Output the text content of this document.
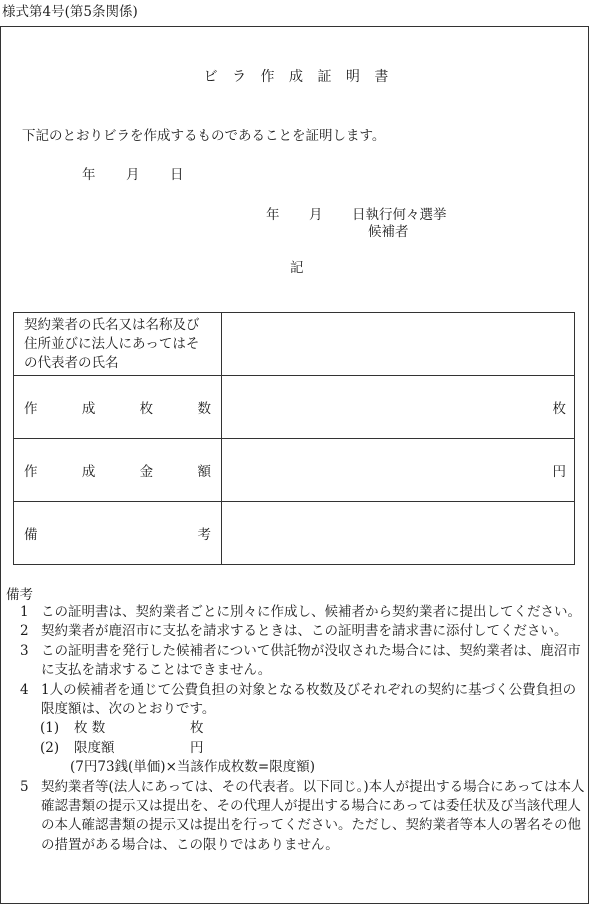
様式第4号(第5条関係)
ビ ラ 作 成 証 明 書
下記のとおりビラを作成するものであることを証明します。
年 月 日
年 月 日執行何々選挙
候補者
記
契約業者の氏名又は名称及び住所並びに法人にあってはその代表者の氏名	

作 成 枚 数	枚

作 成 金 額	円

備 考	

備考
1 この証明書は、契約業者ごとに別々に作成し、候補者から契約業者に提出してください。
2 契約業者が鹿沼市に支払を請求するときは、この証明書を請求書に添付してください。
3 この証明書を発行した候補者について供託物が没収された場合には、契約業者は、鹿沼市に支払を請求することはできません。
4 1人の候補者を通じて公費負担の対象となる枚数及びそれぞれの契約に基づく公費負担の限度額は、次のとおりです。
(1) 枚 数	枚
(2) 限度額	円
(7円73銭(単価)×当該作成枚数=限度額)
5 契約業者等(法人にあっては、その代表者。以下同じ。)本人が提出する場合にあっては本人確認書類の提示又は提出を、その代理人が提出する場合にあっては委任状及び当該代理人の本人確認書類の提示又は提出を行ってください。ただし、契約業者等本人の署名その他の措置がある場合は、この限りではありません。
